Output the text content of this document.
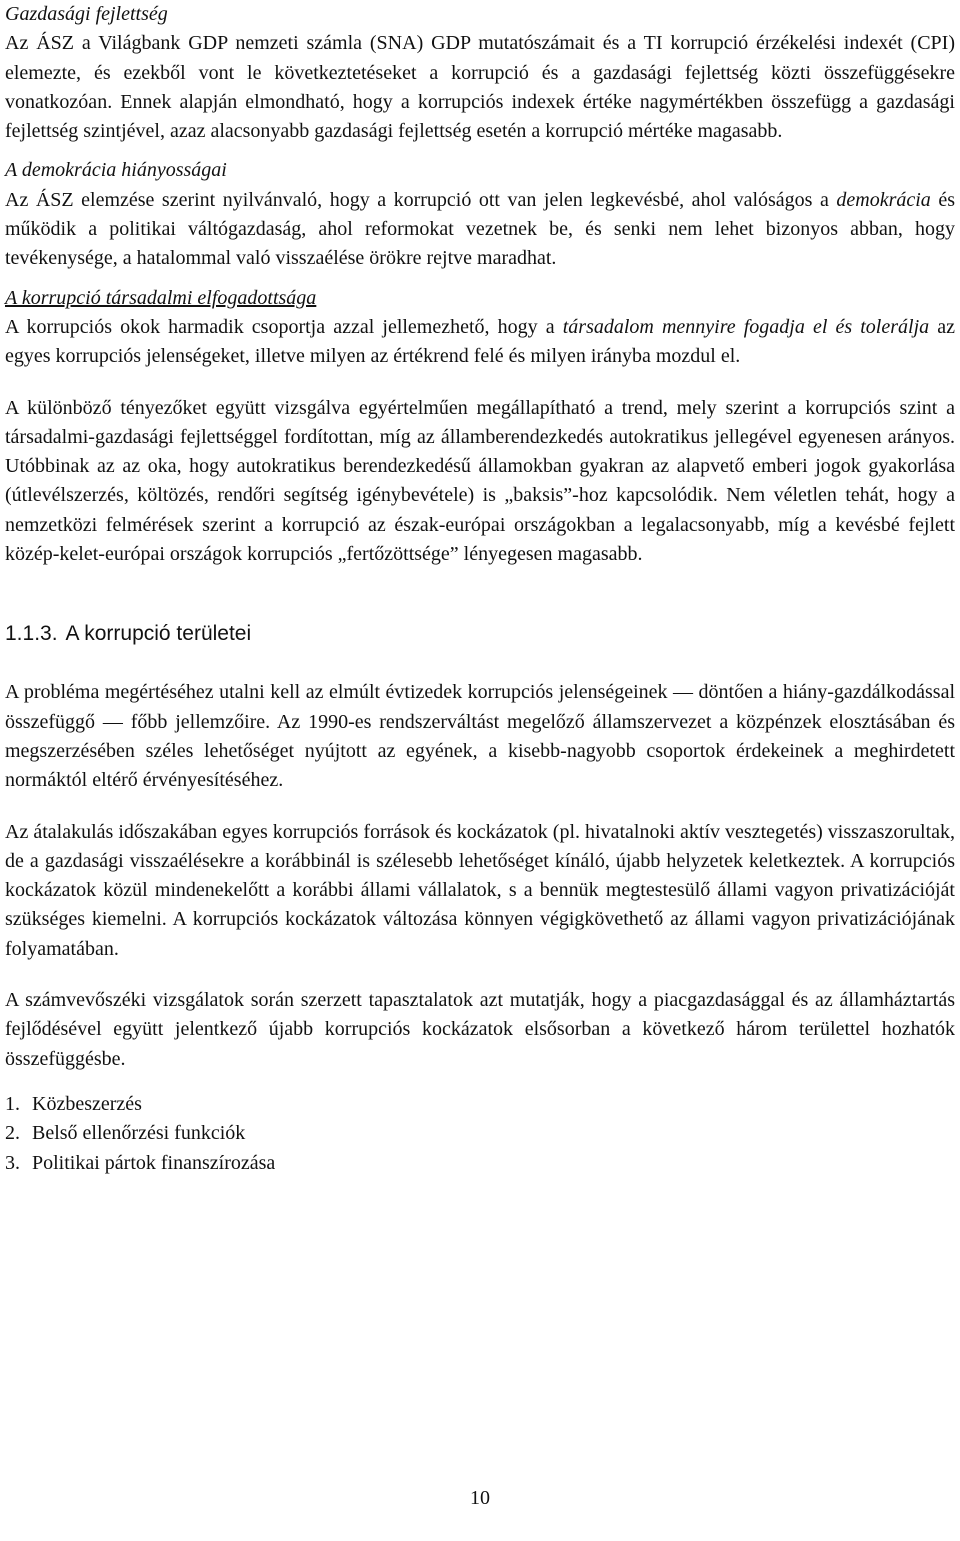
Gazdasági fejlettség

Az ÁSZ a Világbank GDP nemzeti számla (SNA) GDP mutatószámait és a TI korrupció érzékelési indexét (CPI) elemezte, és ezekből vont le következtetéseket a korrupció és a gazdasági fejlettség közti összefüggésekre vonatkozóan. Ennek alapján elmondható, hogy a korrupciós indexek értéke nagymértékben összefügg a gazdasági fejlettség szintjével, azaz alacsonyabb gazdasági fejlettség esetén a korrupció mértéke magasabb.

A demokrácia hiányosságai

Az ÁSZ elemzése szerint nyilvánvaló, hogy a korrupció ott van jelen legkevésbé, ahol valóságos a demokrácia és működik a politikai váltógazdaság, ahol reformokat vezetnek be, és senki nem lehet bizonyos abban, hogy tevékenysége, a hatalommal való visszaélése örökre rejtve maradhat.

A korrupció társadalmi elfogadottsága

A korrupciós okok harmadik csoportja azzal jellemezhető, hogy a társadalom mennyire fogadja el és tolerálja az egyes korrupciós jelenségeket, illetve milyen az értékrend felé és milyen irányba mozdul el.

A különböző tényezőket együtt vizsgálva egyértelműen megállapítható a trend, mely szerint a korrupciós szint a társadalmi-gazdasági fejlettséggel fordítottan, míg az államberendezkedés autokratikus jellegével egyenesen arányos. Utóbbinak az az oka, hogy autokratikus berendezkedésű államokban gyakran az alapvető emberi jogok gyakorlása (útlevélszerzés, költözés, rendőri segítség igénybevétele) is „baksis”-hoz kapcsolódik. Nem véletlen tehát, hogy a nemzetközi felmérések szerint a korrupció az észak-európai országokban a legalacsonyabb, míg a kevésbé fejlett közép-kelet-európai országok korrupciós „fertőzöttsége” lényegesen magasabb.

1.1.3. A korrupció területei

A probléma megértéséhez utalni kell az elmúlt évtizedek korrupciós jelenségeinek — döntően a hiány-gazdálkodással összefüggő — főbb jellemzőire. Az 1990-es rendszerváltást megelőző államszervezet a közpénzek elosztásában és megszerzésében széles lehetőséget nyújtott az egyének, a kisebb-nagyobb csoportok érdekeinek a meghirdetett normáktól eltérő érvényesítéséhez.

Az átalakulás időszakában egyes korrupciós források és kockázatok (pl. hivatalnoki aktív vesztegetés) visszaszorultak, de a gazdasági visszaélésekre a korábbinál is szélesebb lehetőséget kínáló, újabb helyzetek keletkeztek. A korrupciós kockázatok közül mindenekelőtt a korábbi állami vállalatok, s a bennük megtestesülő állami vagyon privatizációját szükséges kiemelni. A korrupciós kockázatok változása könnyen végigkövethető az állami vagyon privatizációjának folyamatában.

A számvevőszéki vizsgálatok során szerzett tapasztalatok azt mutatják, hogy a piacgazdasággal és az államháztartás fejlődésével együtt jelentkező újabb korrupciós kockázatok elsősorban a következő három területtel hozhatók összefüggésbe.

1. Közbeszerzés
2. Belső ellenőrzési funkciók
3. Politikai pártok finanszírozása
10
